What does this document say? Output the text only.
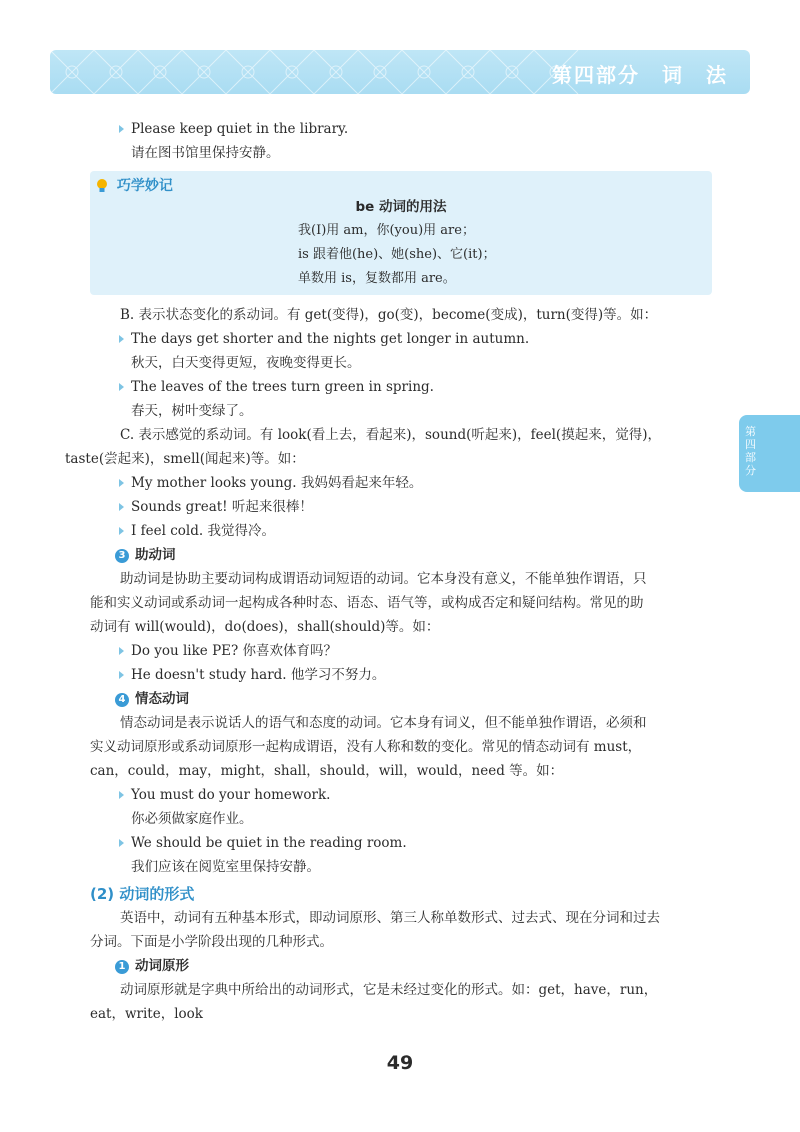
第四部分　词　法
第四部分
Please keep quiet in the library.
请在图书馆里保持安静。
巧学妙记
be 动词的用法
我(I)用 am，你(you)用 are；
is 跟着他(he)、她(she)、它(it)；
单数用 is，复数都用 are。
B. 表示状态变化的系动词。有 get(变得)，go(变)，become(变成)，turn(变得)等。如：
The days get shorter and the nights get longer in autumn.
秋天，白天变得更短，夜晚变得更长。
The leaves of the trees turn green in spring.
春天，树叶变绿了。
C. 表示感觉的系动词。有 look(看上去，看起来)，sound(听起来)，feel(摸起来，觉得)，
taste(尝起来)，smell(闻起来)等。如：
My mother looks young. 我妈妈看起来年轻。
Sounds great! 听起来很棒！
I feel cold. 我觉得冷。
3 助动词
助动词是协助主要动词构成谓语动词短语的动词。它本身没有意义，不能单独作谓语，只
能和实义动词或系动词一起构成各种时态、语态、语气等，或构成否定和疑问结构。常见的助
动词有 will(would)，do(does)，shall(should)等。如：
Do you like PE? 你喜欢体育吗？
He doesn't study hard. 他学习不努力。
4 情态动词
情态动词是表示说话人的语气和态度的动词。它本身有词义，但不能单独作谓语，必须和
实义动词原形或系动词原形一起构成谓语，没有人称和数的变化。常见的情态动词有 must，
can，could，may，might，shall，should，will，would，need 等。如：
You must do your homework.
你必须做家庭作业。
We should be quiet in the reading room.
我们应该在阅览室里保持安静。
(2) 动词的形式
英语中，动词有五种基本形式，即动词原形、第三人称单数形式、过去式、现在分词和过去
分词。下面是小学阶段出现的几种形式。
1 动词原形
动词原形就是字典中所给出的动词形式，它是未经过变化的形式。如：get，have，run，
eat，write，look
49
